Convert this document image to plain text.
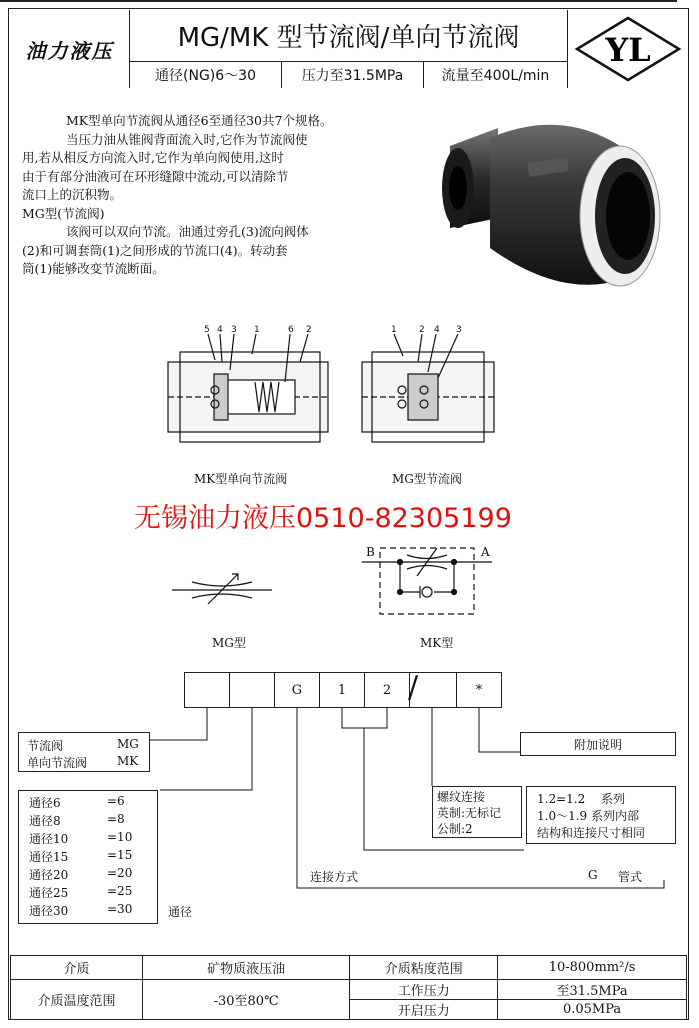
油力液压	MG/MK 型节流阀/单向节流阀	YL
通径(NG)6～30	压力至31.5MPa	流量至400L/min
MK型单向节流阀从通径6至通径30共7个规格。
当压力油从锥阀背面流入时,它作为节流阀使
用,若从相反方向流入时,它作为单向阀使用,这时
由于有部分油液可在环形缝隙中流动,可以清除节
流口上的沉积物。
MG型(节流阀)
该阀可以双向节流。油通过旁孔(3)流向阀体
(2)和可调套筒(1)之间形成的节流口(4)。转动套
筒(1)能够改变节流断面。
5 4 3 1	6 2	1 2 4 3
MK型单向节流阀	MG型节流阀
无锡油力液压0510-82305199
MG型
B	A
MK型
G	1	2	*
/
节流阀	MG
单向节流阀 MK
通径6	=6
通径8	=8
通径10	=10
通径15	=15
通径20	=20
通径25	=25
通径30	=30	通径
连接方式	G 管式
螺纹连接
英制:无标记
公制:2
1.2=1.2　 系列
1.0～1.9 系列内部
结构和连接尺寸相同
附加说明
介质	矿物质液压油	介质粘度范围	10-800mm²/s
介质温度范围	-30至80℃	工作压力	至31.5MPa
		开启压力	0.05MPa
